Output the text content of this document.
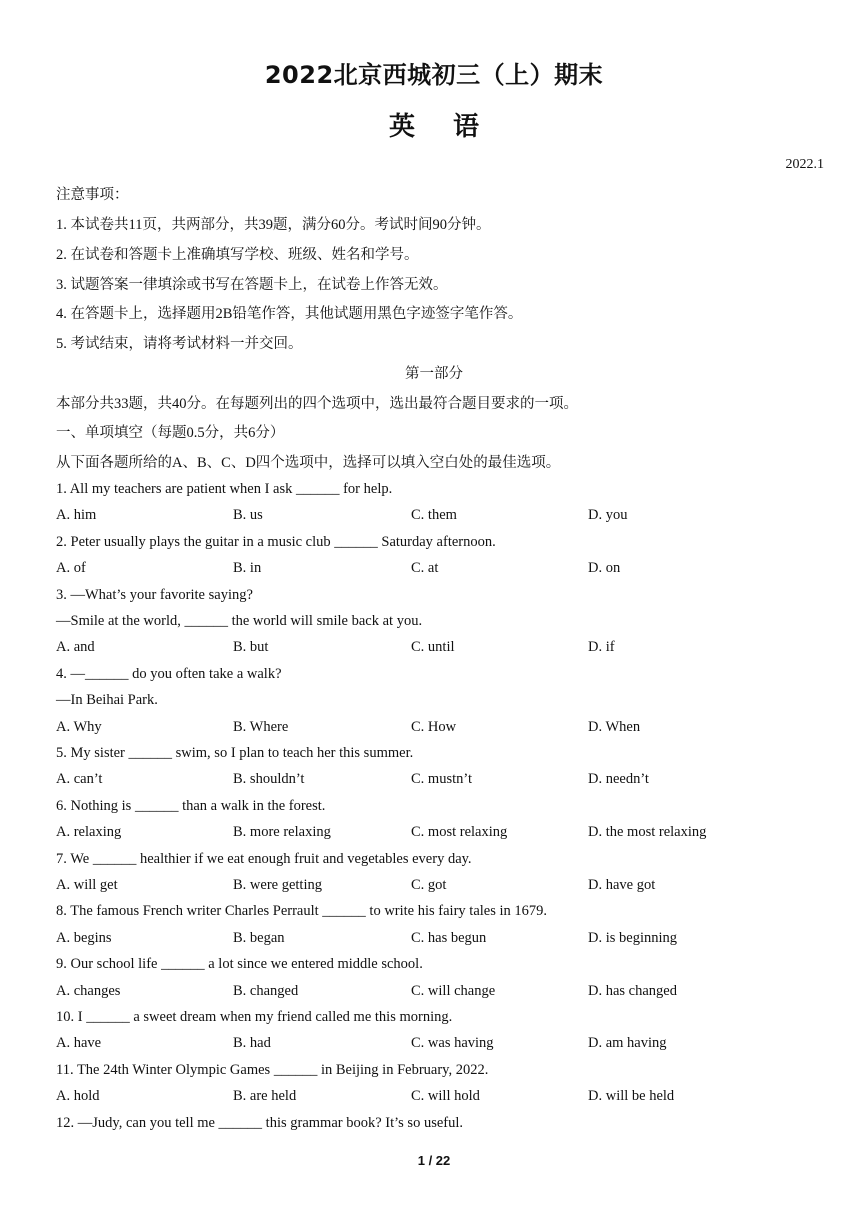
2022北京西城初三（上）期末
英语
2022.1
注意事项：
1. 本试卷共11页，共两部分，共39题，满分60分。考试时间90分钟。
2. 在试卷和答题卡上准确填写学校、班级、姓名和学号。
3. 试题答案一律填涂或书写在答题卡上，在试卷上作答无效。
4. 在答题卡上，选择题用2B铅笔作答，其他试题用黑色字迹签字笔作答。
5. 考试结束，请将考试材料一并交回。
第一部分
本部分共33题，共40分。在每题列出的四个选项中，选出最符合题目要求的一项。
一、单项填空（每题0.5分，共6分）
从下面各题所给的A、B、C、D四个选项中，选择可以填入空白处的最佳选项。
1. All my teachers are patient when I ask ______ for help.
A. him	B. us	C. them	D. you
2. Peter usually plays the guitar in a music club ______ Saturday afternoon.
A. of	B. in	C. at	D. on
3. —What’s your favorite saying?
—Smile at the world, ______ the world will smile back at you.
A. and	B. but	C. until	D. if
4. —______ do you often take a walk?
—In Beihai Park.
A. Why	B. Where	C. How	D. When
5. My sister ______ swim, so I plan to teach her this summer.
A. can’t	B. shouldn’t	C. mustn’t	D. needn’t
6. Nothing is ______ than a walk in the forest.
A. relaxing	B. more relaxing	C. most relaxing	D. the most relaxing
7. We ______ healthier if we eat enough fruit and vegetables every day.
A. will get	B. were getting	C. got	D. have got
8. The famous French writer Charles Perrault ______ to write his fairy tales in 1679.
A. begins	B. began	C. has begun	D. is beginning
9. Our school life ______ a lot since we entered middle school.
A. changes	B. changed	C. will change	D. has changed
10. I ______ a sweet dream when my friend called me this morning.
A. have	B. had	C. was having	D. am having
11. The 24th Winter Olympic Games ______ in Beijing in February, 2022.
A. hold	B. are held	C. will hold	D. will be held
12. —Judy, can you tell me ______ this grammar book? It’s so useful.
1 / 22
